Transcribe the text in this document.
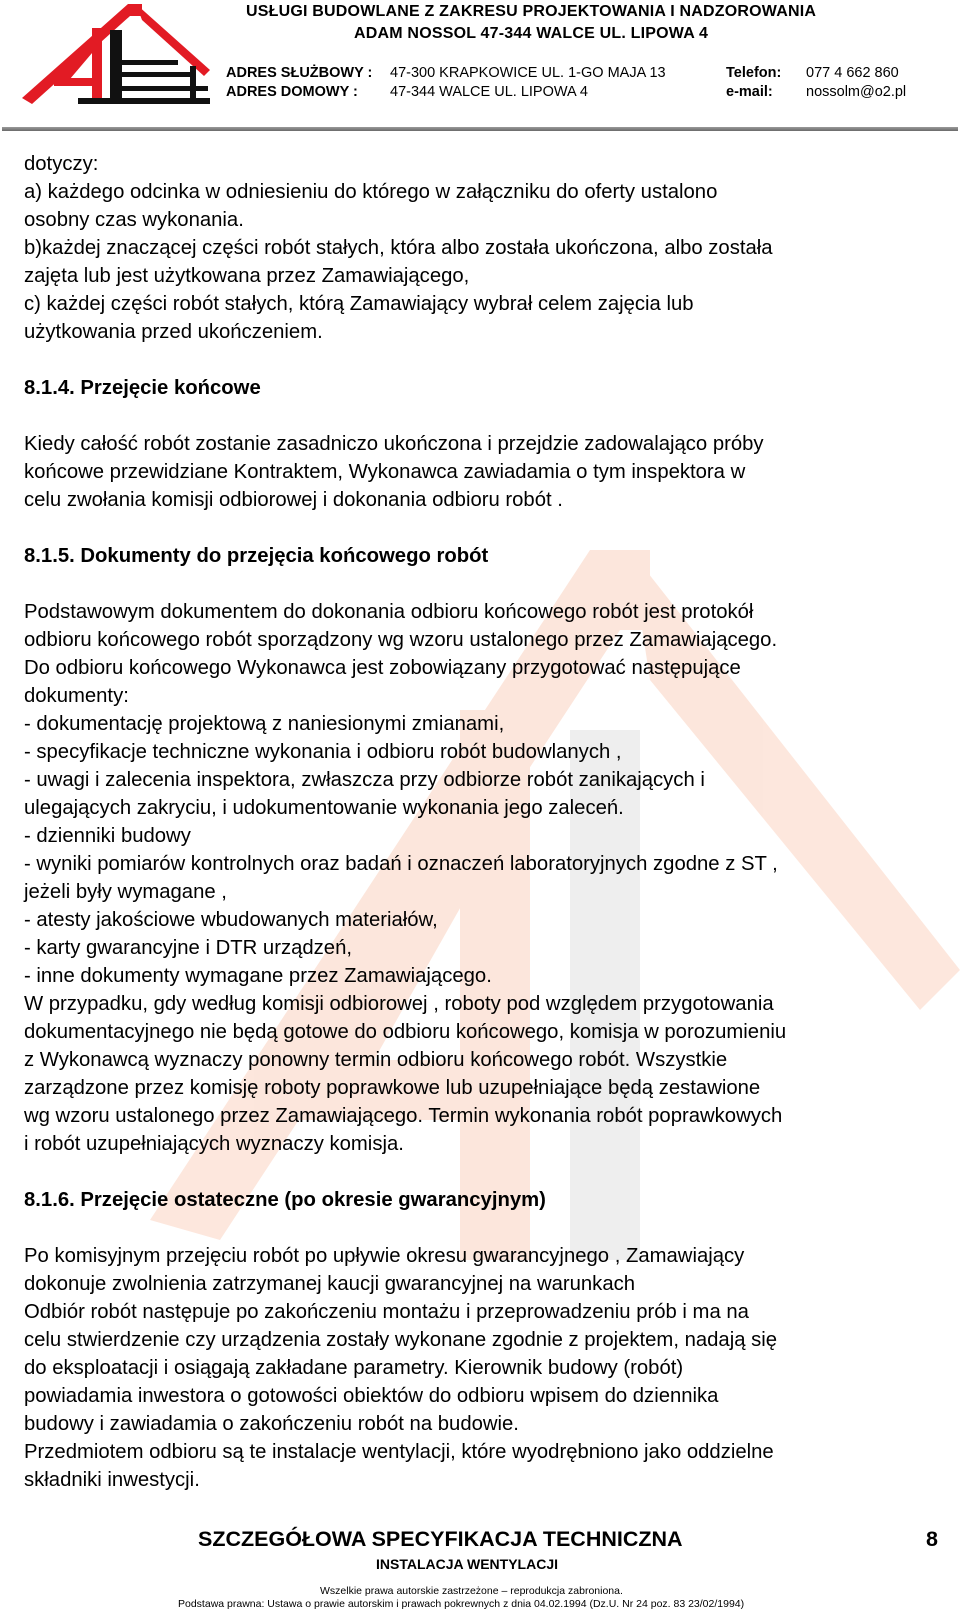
USŁUGI BUDOWLANE Z ZAKRESU PROJEKTOWANIA I NADZOROWANIA
ADAM NOSSOL 47-344 WALCE UL. LIPOWA 4
ADRES SŁUŻBOWY : 47-300 KRAPKOWICE UL. 1-GO MAJA 13	Telefon: 077 4 662 860
ADRES DOMOWY : 47-344 WALCE UL. LIPOWA 4	e-mail: nossolm@o2.pl

dotyczy:

a) każdego odcinka w odniesieniu do którego w załączniku do oferty ustalono

osobny czas wykonania.

b)każdej znaczącej części robót stałych, która albo została ukończona, albo została

zajęta lub jest użytkowana przez Zamawiającego,

c) każdej części robót stałych, którą Zamawiający wybrał celem zajęcia lub

użytkowania przed ukończeniem.

8.1.4. Przejęcie końcowe

Kiedy całość robót zostanie zasadniczo ukończona i przejdzie zadowalająco próby

końcowe przewidziane Kontraktem, Wykonawca zawiadamia o tym inspektora w

celu zwołania komisji odbiorowej i dokonania odbioru robót .

8.1.5. Dokumenty do przejęcia końcowego robót

Podstawowym dokumentem do dokonania odbioru końcowego robót jest protokół

odbioru końcowego robót sporządzony wg wzoru ustalonego przez Zamawiającego.

Do odbioru końcowego Wykonawca jest zobowiązany przygotować następujące

dokumenty:

- dokumentację projektową z naniesionymi zmianami,

- specyfikacje techniczne wykonania i odbioru robót budowlanych ,

- uwagi i zalecenia inspektora, zwłaszcza przy odbiorze robót zanikających i

ulegających zakryciu, i udokumentowanie wykonania jego zaleceń.

- dzienniki budowy

- wyniki pomiarów kontrolnych oraz badań i oznaczeń laboratoryjnych zgodne z ST ,

jeżeli były wymagane ,

- atesty jakościowe wbudowanych materiałów,

- karty gwarancyjne i DTR urządzeń,

- inne dokumenty wymagane przez Zamawiającego.

W przypadku, gdy według komisji odbiorowej , roboty pod względem przygotowania

dokumentacyjnego nie będą gotowe do odbioru końcowego, komisja w porozumieniu

z Wykonawcą wyznaczy ponowny termin odbioru końcowego robót. Wszystkie

zarządzone przez komisję roboty poprawkowe lub uzupełniające będą zestawione

wg wzoru ustalonego przez Zamawiającego. Termin wykonania robót poprawkowych

i robót uzupełniających wyznaczy komisja.

8.1.6. Przejęcie ostateczne (po okresie gwarancyjnym)

Po komisyjnym przejęciu robót po upływie okresu gwarancyjnego , Zamawiający

dokonuje zwolnienia zatrzymanej kaucji gwarancyjnej na warunkach

Odbiór robót następuje po zakończeniu montażu i przeprowadzeniu prób i ma na

celu stwierdzenie czy urządzenia zostały wykonane zgodnie z projektem, nadają się

do eksploatacji i osiągają zakładane parametry. Kierownik budowy (robót)

powiadamia inwestora o gotowości obiektów do odbioru wpisem do dziennika

budowy i zawiadamia o zakończeniu robót na budowie.

Przedmiotem odbioru są te instalacje wentylacji, które wyodrębniono jako oddzielne

składniki inwestycji.

SZCZEGÓŁOWA SPECYFIKACJA TECHNICZNA
INSTALACJA WENTYLACJI
8
Wszelkie prawa autorskie zastrzeżone – reprodukcja zabroniona.
Podstawa prawna: Ustawa o prawie autorskim i prawach pokrewnych z dnia 04.02.1994 (Dz.U. Nr 24 poz. 83 23/02/1994)
